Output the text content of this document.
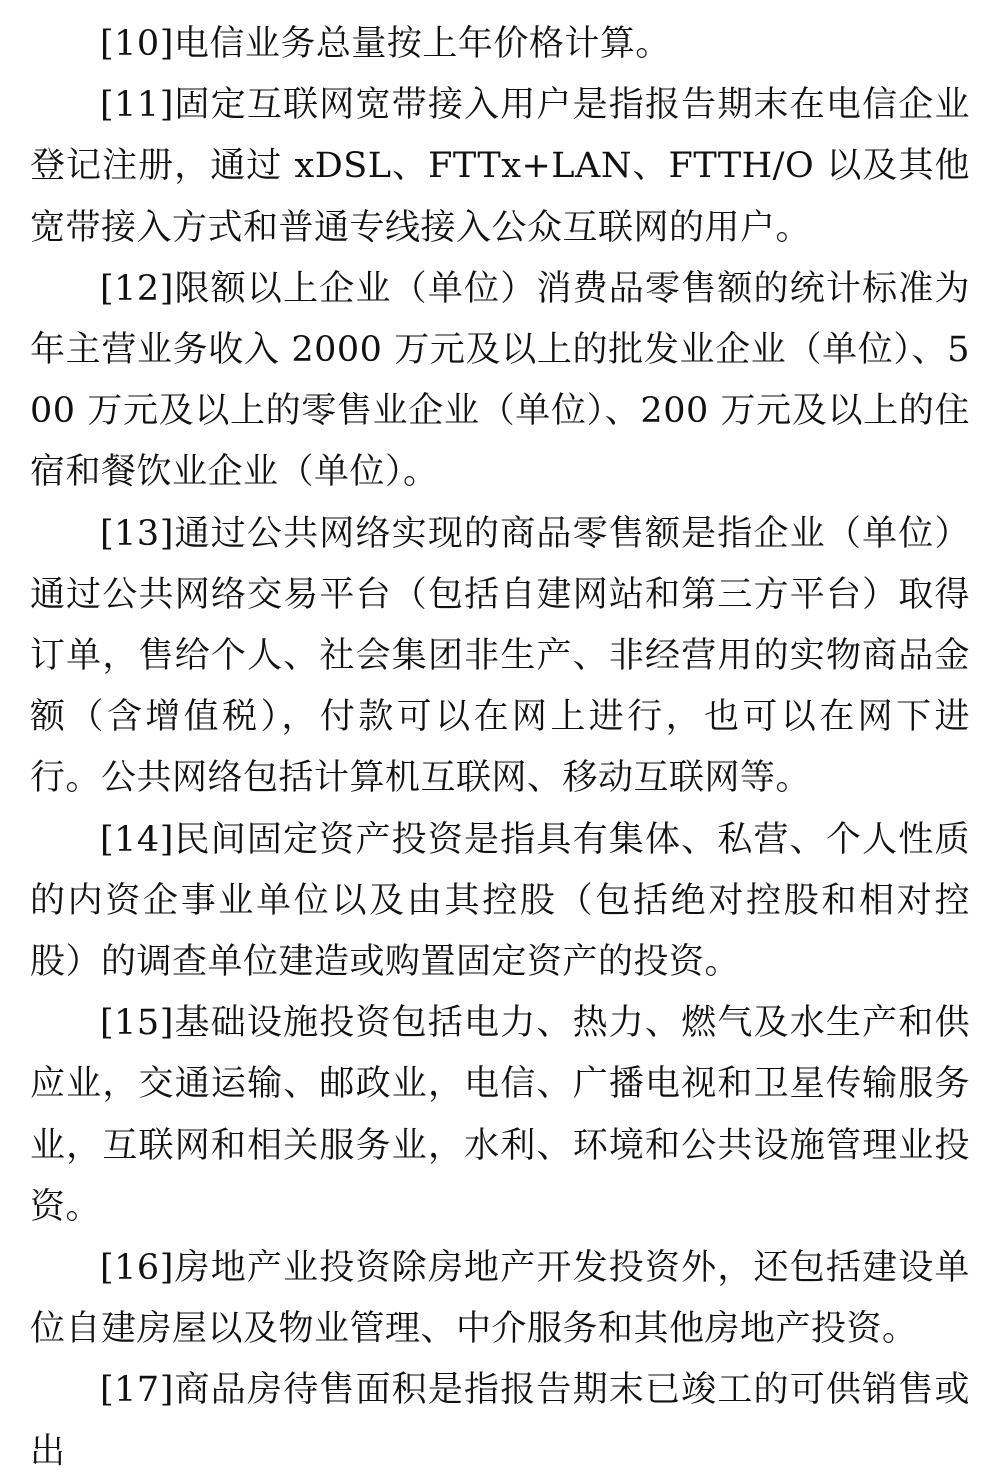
[10]电信业务总量按上年价格计算。

[11]固定互联网宽带接入用户是指报告期末在电信企业登记注册，通过 xDSL、FTTx+LAN、FTTH/O 以及其他宽带接入方式和普通专线接入公众互联网的用户。

[12]限额以上企业（单位）消费品零售额的统计标准为年主营业务收入 2000 万元及以上的批发业企业（单位）、500 万元及以上的零售业企业（单位）、200 万元及以上的住宿和餐饮业企业（单位）。

[13]通过公共网络实现的商品零售额是指企业（单位）通过公共网络交易平台（包括自建网站和第三方平台）取得订单，售给个人、社会集团非生产、非经营用的实物商品金额（含增值税），付款可以在网上进行，也可以在网下进行。公共网络包括计算机互联网、移动互联网等。

[14]民间固定资产投资是指具有集体、私营、个人性质的内资企事业单位以及由其控股（包括绝对控股和相对控股）的调查单位建造或购置固定资产的投资。

[15]基础设施投资包括电力、热力、燃气及水生产和供应业，交通运输、邮政业，电信、广播电视和卫星传输服务业，互联网和相关服务业，水利、环境和公共设施管理业投资。

[16]房地产业投资除房地产开发投资外，还包括建设单位自建房屋以及物业管理、中介服务和其他房地产投资。

[17]商品房待售面积是指报告期末已竣工的可供销售或出
